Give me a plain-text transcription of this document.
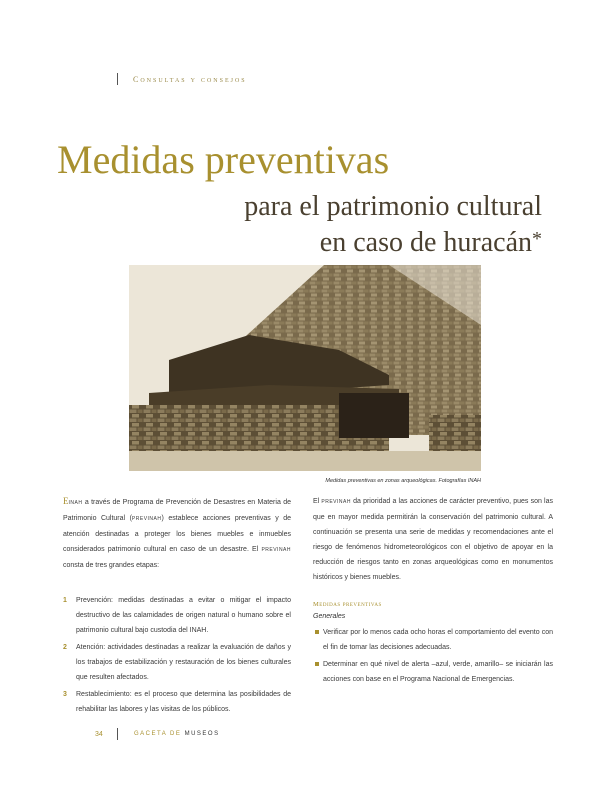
Consultas y consejos
Medidas preventivas
para el patrimonio cultural
en caso de huracán*
Medidas preventivas en zonas arqueológicas. Fotografías INAH

EINAH a través de Programa de Prevención de Desastres en Materia de Patrimonio Cultural (PREVINAH) establece acciones preventivas y de atención destinadas a proteger los bienes muebles e inmuebles considerados patrimonio cultural en caso de un desastre. El PREVINAH consta de tres grandes etapas:

1 Prevención: medidas destinadas a evitar o mitigar el impacto destructivo de las calamidades de origen natural o humano sobre el patrimonio cultural bajo custodia del INAH.
2 Atención: actividades destinadas a realizar la evaluación de daños y los trabajos de estabilización y restauración de los bienes culturales que resulten afectados.
3 Restablecimiento: es el proceso que determina las posibilidades de rehabilitar las labores y las visitas de los públicos.

El PREVINAH da prioridad a las acciones de carácter preventivo, pues son las que en mayor medida permitirán la conservación del patrimonio cultural. A continuación se presenta una serie de medidas y recomendaciones ante el riesgo de fenómenos hidrometeorológicos con el objetivo de apoyar en la reducción de riesgos tanto en zonas arqueológicas como en monumentos históricos y bienes muebles.

Medidas preventivas
Generales
Verificar por lo menos cada ocho horas el comportamiento del evento con el fin de tomar las decisiones adecuadas.
Determinar en qué nivel de alerta –azul, verde, amarillo– se iniciarán las acciones con base en el Programa Nacional de Emergencias.
34	GACETA DE MUSEOS
